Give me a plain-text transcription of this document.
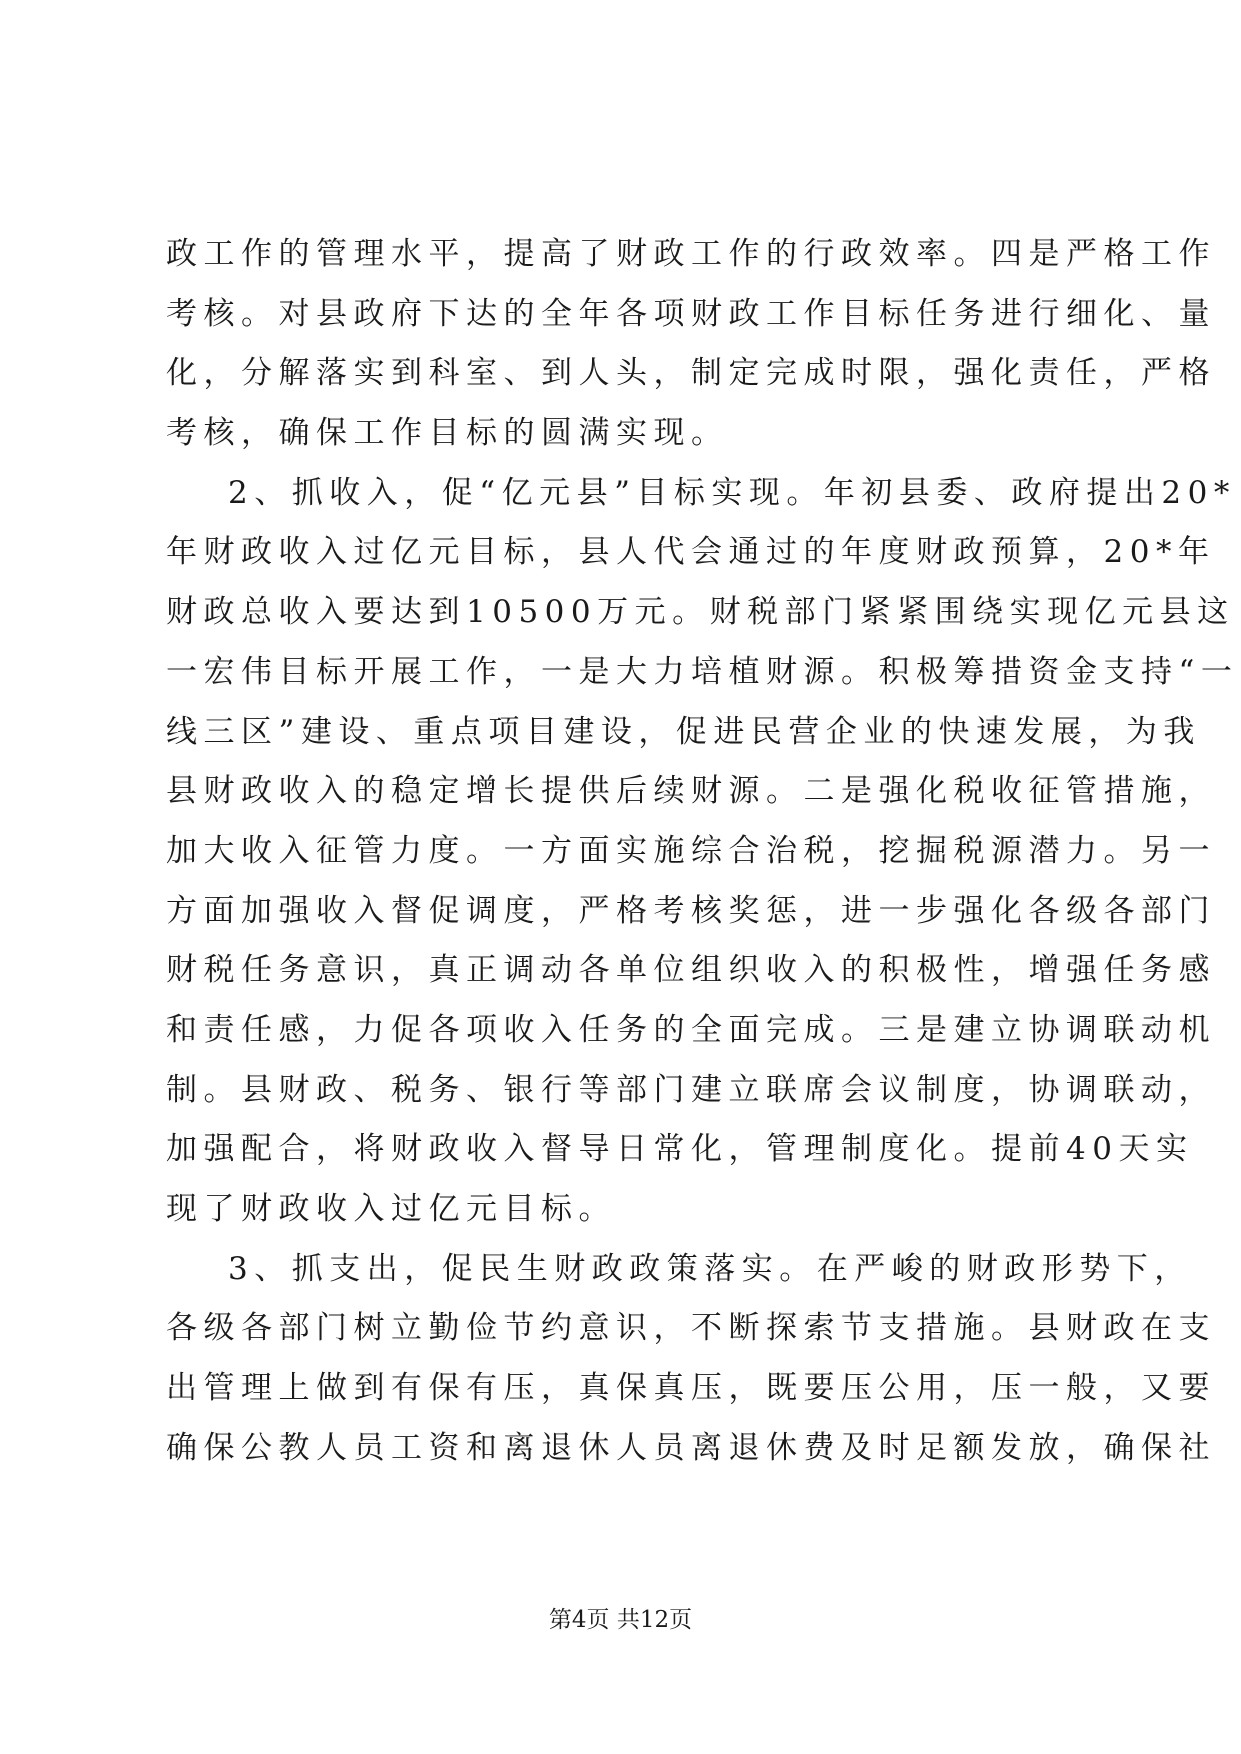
政工作的管理水平，提高了财政工作的行政效率。四是严格工作
考核。对县政府下达的全年各项财政工作目标任务进行细化、量
化，分解落实到科室、到人头，制定完成时限，强化责任，严格
考核，确保工作目标的圆满实现。
2、抓收入，促“亿元县”目标实现。年初县委、政府提出20*
年财政收入过亿元目标，县人代会通过的年度财政预算，20*年
财政总收入要达到10500万元。财税部门紧紧围绕实现亿元县这
一宏伟目标开展工作，一是大力培植财源。积极筹措资金支持“一
线三区”建设、重点项目建设，促进民营企业的快速发展，为我
县财政收入的稳定增长提供后续财源。二是强化税收征管措施，
加大收入征管力度。一方面实施综合治税，挖掘税源潜力。另一
方面加强收入督促调度，严格考核奖惩，进一步强化各级各部门
财税任务意识，真正调动各单位组织收入的积极性，增强任务感
和责任感，力促各项收入任务的全面完成。三是建立协调联动机
制。县财政、税务、银行等部门建立联席会议制度，协调联动，
加强配合，将财政收入督导日常化，管理制度化。提前40天实
现了财政收入过亿元目标。
3、抓支出，促民生财政政策落实。在严峻的财政形势下，
各级各部门树立勤俭节约意识，不断探索节支措施。县财政在支
出管理上做到有保有压，真保真压，既要压公用，压一般，又要
确保公教人员工资和离退休人员离退休费及时足额发放，确保社
第4页 共12页
